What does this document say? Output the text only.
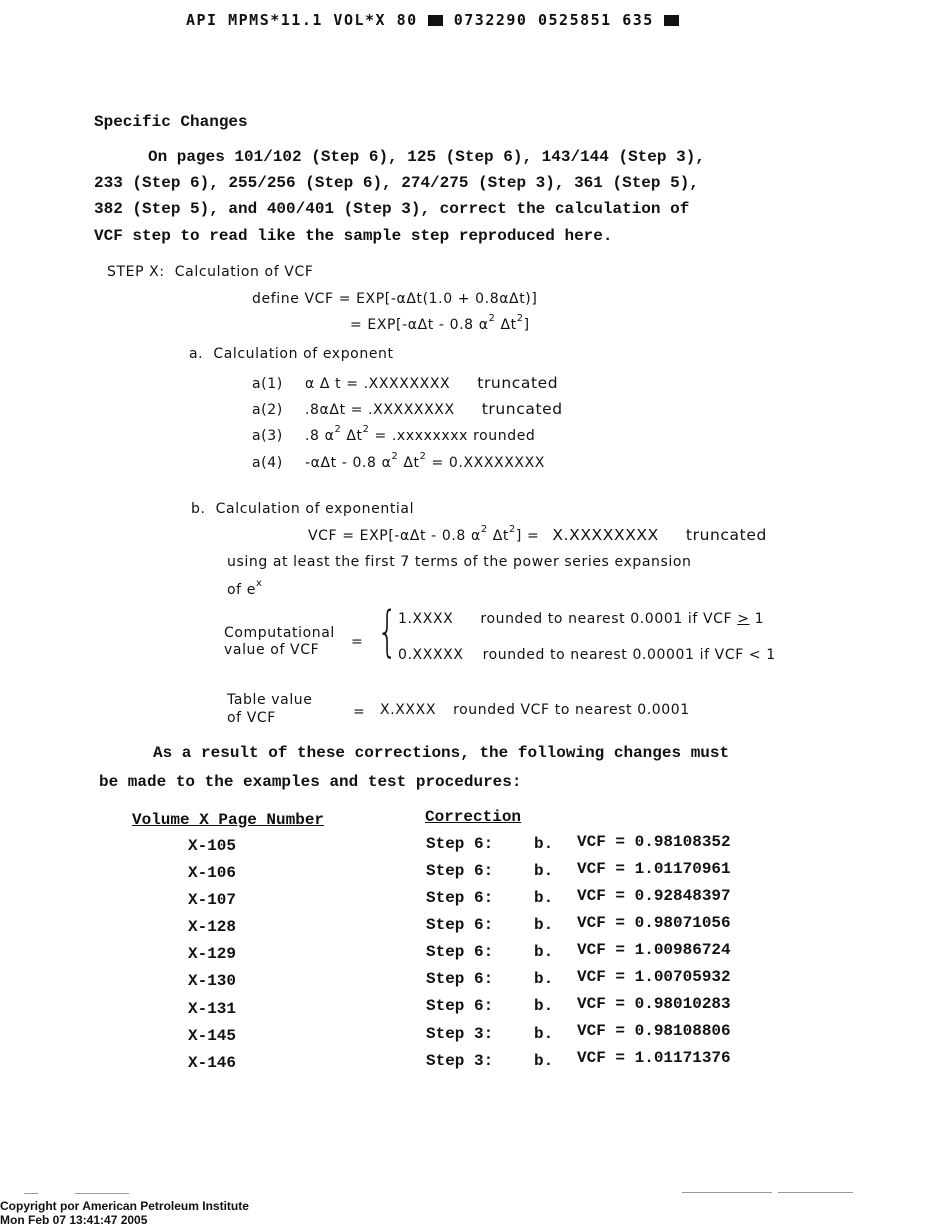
API MPMS*11.1 VOL*X 80 0732290 0525851 635
Specific Changes
On pages 101/102 (Step 6), 125 (Step 6), 143/144 (Step 3),
233 (Step 6), 255/256 (Step 6), 274/275 (Step 3), 361 (Step 5),
382 (Step 5), and 400/401 (Step 3), correct the calculation of
VCF step to read like the sample step reproduced here.
STEP X: Calculation of VCF
define VCF = EXP[-αΔt(1.0 + 0.8αΔt)]
= EXP[-αΔt - 0.8 $\alpha^2$ $\Delta t^2$]
a. Calculation of exponent
a(1) α Δ t = .XXXXXXXX truncated
a(2) .8αΔt = .XXXXXXXX truncated
a(3) .8 $\alpha^2$ $\Delta t^2$ = .xxxxxxxx rounded
a(4) -αΔt - 0.8 $\alpha^2$ $\Delta t^2$ = 0.XXXXXXXX
b. Calculation of exponential
VCF = EXP[-αΔt - 0.8 $\alpha^2$ $\Delta t^2$] = X.XXXXXXXX truncated
using at least the first 7 terms of the power series expansion
of $e^x$
Computational
value of VCF = { 1.XXXX rounded to nearest 0.0001 if VCF > 1
0.XXXXX rounded to nearest 0.00001 if VCF < 1
Table value
of VCF	= X.XXXX rounded VCF to nearest 0.0001
As a result of these corrections, the following changes must
be made to the examples and test procedures:
Volume X Page Number	Correction
X-105	Step 6:	b. VCF = 0.98108352
X-106	Step 6:	b. VCF = 1.01170961
X-107	Step 6:	b. VCF = 0.92848397
X-128	Step 6:	b. VCF = 0.98071056
X-129	Step 6:	b. VCF = 1.00986724
X-130	Step 6:	b. VCF = 1.00705932
X-131	Step 6:	b. VCF = 0.98010283
X-145	Step 3:	b. VCF = 0.98108806
X-146	Step 3:	b. VCF = 1.01171376
Copyright por American Petroleum Institute
Mon Feb 07 13:41:47 2005
